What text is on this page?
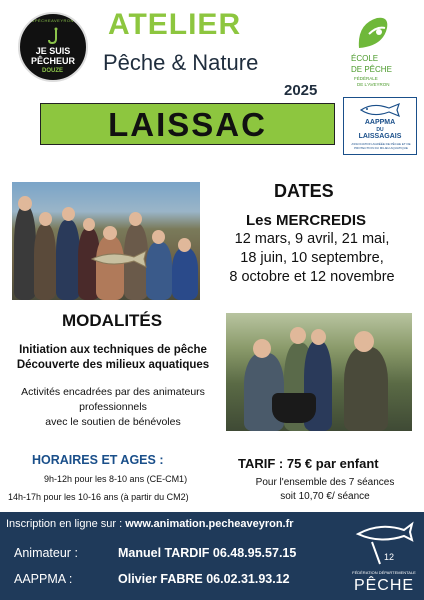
#PÊCHEAVEYRON
JE SUIS
PÊCHEUR
DOUZE
ATELIER
Pêche & Nature
2025
ÉCOLE
DE PÊCHE
FÉDÉRALE
DE L'AVEYRON
LAISSAC	AAPPMA
DU
LAISSAGAIS
ASSOCIATION AGRÉÉE DE PÊCHE ET DE PROTECTION DU MILIEU AQUATIQUE
DATES
Les MERCREDIS
12 mars, 9 avril, 21 mai,
18 juin, 10 septembre,
8 octobre et 12 novembre
MODALITÉS
Initiation aux techniques de pêche
Découverte des milieux aquatiques
Activités encadrées par des animateurs
professionnels
avec le soutien de bénévoles
HORAIRES ET AGES :
9h-12h pour les 8-10 ans (CE-CM1)
14h-17h pour les 10-16 ans (à partir du CM2)
TARIF : 75 € par enfant
Pour l'ensemble des 7 séances
soit 10,70 €/ séance
Inscription en ligne sur : www.animation.pecheaveyron.fr
Animateur :	Manuel TARDIF 06.48.95.57.15
AAPPMA :	Olivier FABRE 06.02.31.93.12
12
FÉDÉRATION DÉPARTEMENTALE
PÊCHE
